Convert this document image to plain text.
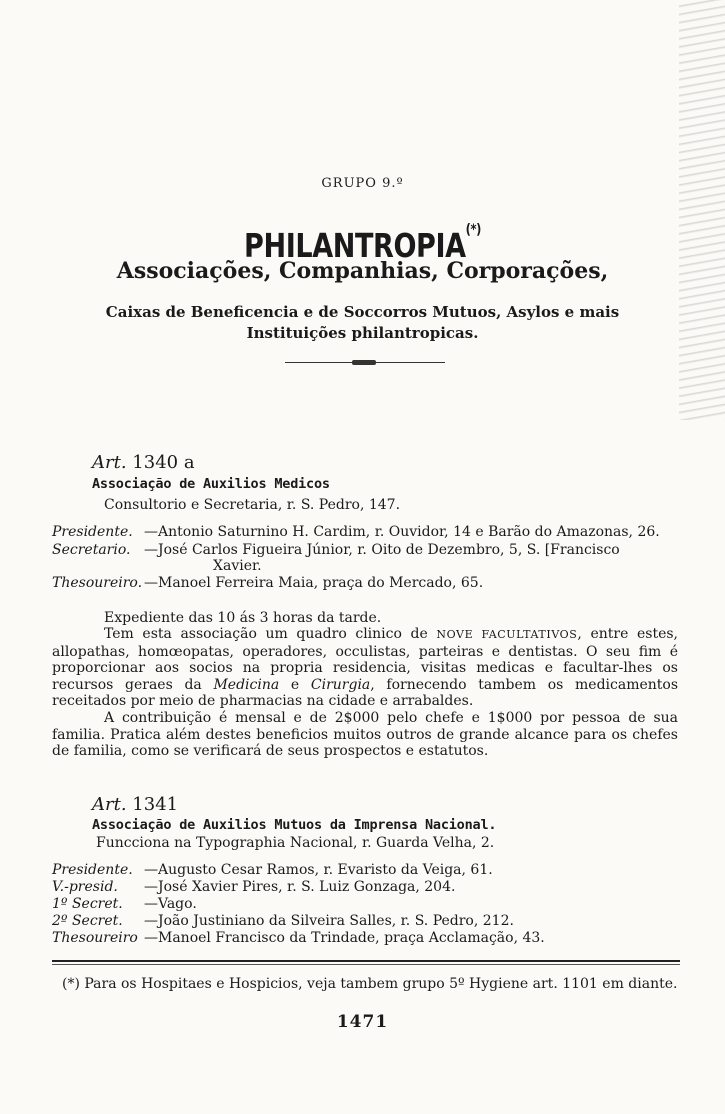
GRUPO 9.º
PHILANTROPIA(*)
Associações, Companhias, Corporações,
Caixas de Beneficencia e de Soccorros Mutuos, Asylos e mais
Instituições philantropicas.
Art. 1340 a
Associação de Auxilios Medicos
Consultorio e Secretaria, r. S. Pedro, 147.
Presidente. —Antonio Saturnino H. Cardim, r. Ouvidor, 14 e Barão do Amazonas, 26.
Secretario. —José Carlos Figueira Júnior, r. Oito de Dezembro, 5, S. [Francisco
Xavier.
Thesoureiro. —Manoel Ferreira Maia, praça do Mercado, 65.
Expediente das 10 ás 3 horas da tarde.

Tem esta associação um quadro clinico de NOVE FACULTATIVOS, entre estes, allopathas, homœopatas, operadores, occulistas, parteiras e dentistas. O seu fim é proporcionar aos socios na propria residencia, visitas medicas e facultar-lhes os recursos geraes da Medicina e Cirurgia, fornecendo tambem os medicamentos receitados por meio de pharmacias na cidade e arrabaldes.

A contribuição é mensal e de 2$000 pelo chefe e 1$000 por pessoa de sua familia. Pratica além destes beneficios muitos outros de grande alcance para os chefes de familia, como se verificará de seus prospectos e estatutos.

Art. 1341
Associação de Auxilios Mutuos da Imprensa Nacional.
Funcciona na Typographia Nacional, r. Guarda Velha, 2.
Presidente. —Augusto Cesar Ramos, r. Evaristo da Veiga, 61.
V.-presid. —José Xavier Pires, r. S. Luiz Gonzaga, 204.
1º Secret. —Vago.
2º Secret. —João Justiniano da Silveira Salles, r. S. Pedro, 212.
Thesoureiro —Manoel Francisco da Trindade, praça Acclamação, 43.
(*) Para os Hospitaes e Hospicios, veja tambem grupo 5º Hygiene art. 1101 em diante.
1471
